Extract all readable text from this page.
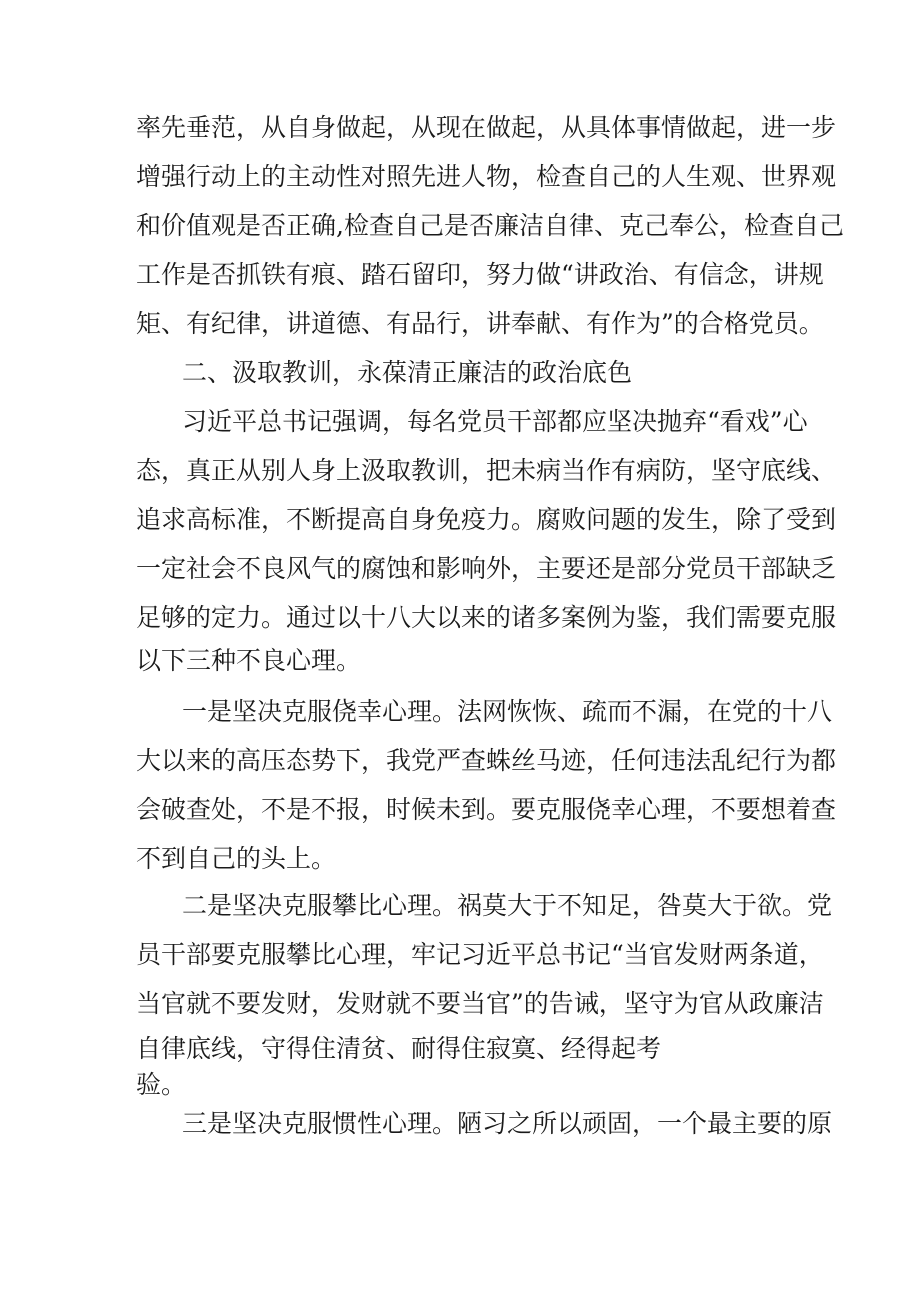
率先垂范，从自身做起，从现在做起，从具体事情做起，进一步
增强行动上的主动性对照先进人物，检查自己的人生观、世界观
和价值观是否正确,检查自己是否廉洁自律、克己奉公，检查自己
工作是否抓铁有痕、踏石留印，努力做“讲政治、有信念，讲规
矩、有纪律，讲道德、有品行，讲奉献、有作为”的合格党员。
二、汲取教训，永葆清正廉洁的政治底色
习近平总书记强调，每名党员干部都应坚决抛弃“看戏”心
态，真正从别人身上汲取教训，把未病当作有病防，坚守底线、
追求高标准，不断提高自身免疫力。腐败问题的发生，除了受到
一定社会不良风气的腐蚀和影响外，主要还是部分党员干部缺乏
足够的定力。通过以十八大以来的诸多案例为鉴，我们需要克服
以下三种不良心理。
一是坚决克服侥幸心理。法网恢恢、疏而不漏，在党的十八
大以来的高压态势下，我党严查蛛丝马迹，任何违法乱纪行为都
会破查处，不是不报，时候未到。要克服侥幸心理，不要想着查
不到自己的头上。
二是坚决克服攀比心理。祸莫大于不知足，咎莫大于欲。党
员干部要克服攀比心理，牢记习近平总书记“当官发财两条道，
当官就不要发财，发财就不要当官”的告诫，坚守为官从政廉洁
自律底线，守得住清贫、耐得住寂寞、经得起考
验。
三是坚决克服惯性心理。陋习之所以顽固，一个最主要的原
